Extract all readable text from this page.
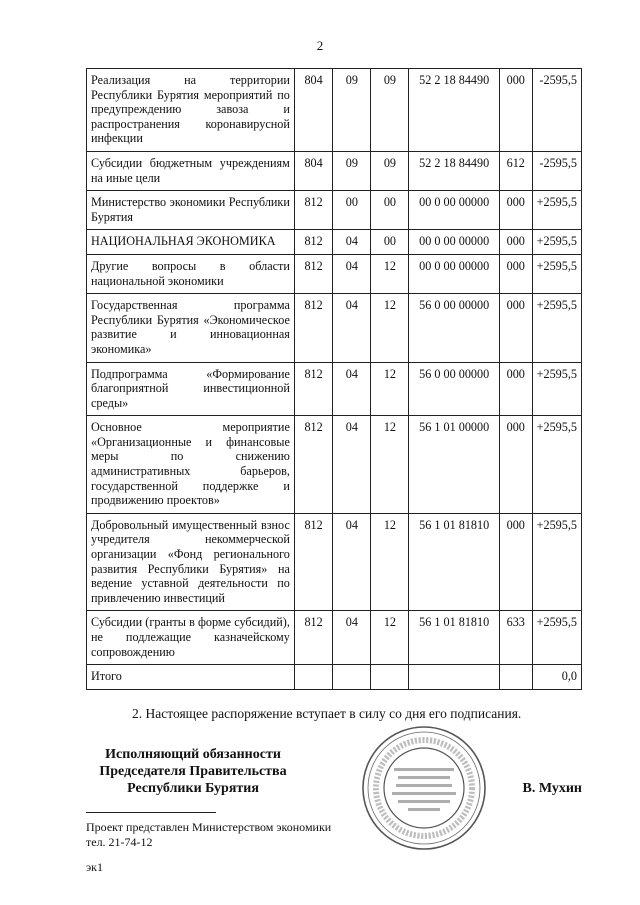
2
Реализация на территории Республики Бурятия мероприятий по предупреждению завоза и распространения коронавирусной инфекции	804	09	09	52 2 18 84490	000	-2595,5
Субсидии бюджетным учреждениям на иные цели	804	09	09	52 2 18 84490	612	-2595,5
Министерство экономики Республики Бурятия	812	00	00	00 0 00 00000	000	+2595,5
НАЦИОНАЛЬНАЯ ЭКОНОМИКА	812	04	00	00 0 00 00000	000	+2595,5
Другие вопросы в области национальной экономики	812	04	12	00 0 00 00000	000	+2595,5
Государственная программа Республики Бурятия «Экономическое развитие и инновационная экономика»	812	04	12	56 0 00 00000	000	+2595,5
Подпрограмма «Формирование благоприятной инвестиционной среды»	812	04	12	56 0 00 00000	000	+2595,5
Основное мероприятие «Организационные и финансовые меры по снижению административных барьеров, государственной поддержке и продвижению проектов»	812	04	12	56 1 01 00000	000	+2595,5
Добровольный имущественный взнос учредителя некоммерческой организации «Фонд регионального развития Республики Бурятия» на ведение уставной деятельности по привлечению инвестиций	812	04	12	56 1 01 81810	000	+2595,5
Субсидии (гранты в форме субсидий), не подлежащие казначейскому сопровождению	812	04	12	56 1 01 81810	633	+2595,5
Итого						0,0
2. Настоящее распоряжение вступает в силу со дня его подписания.
Исполняющий обязанности
Председателя Правительства
Республики Бурятия	В. Мухин
Проект представлен Министерством экономики
тел. 21-74-12
эк1
